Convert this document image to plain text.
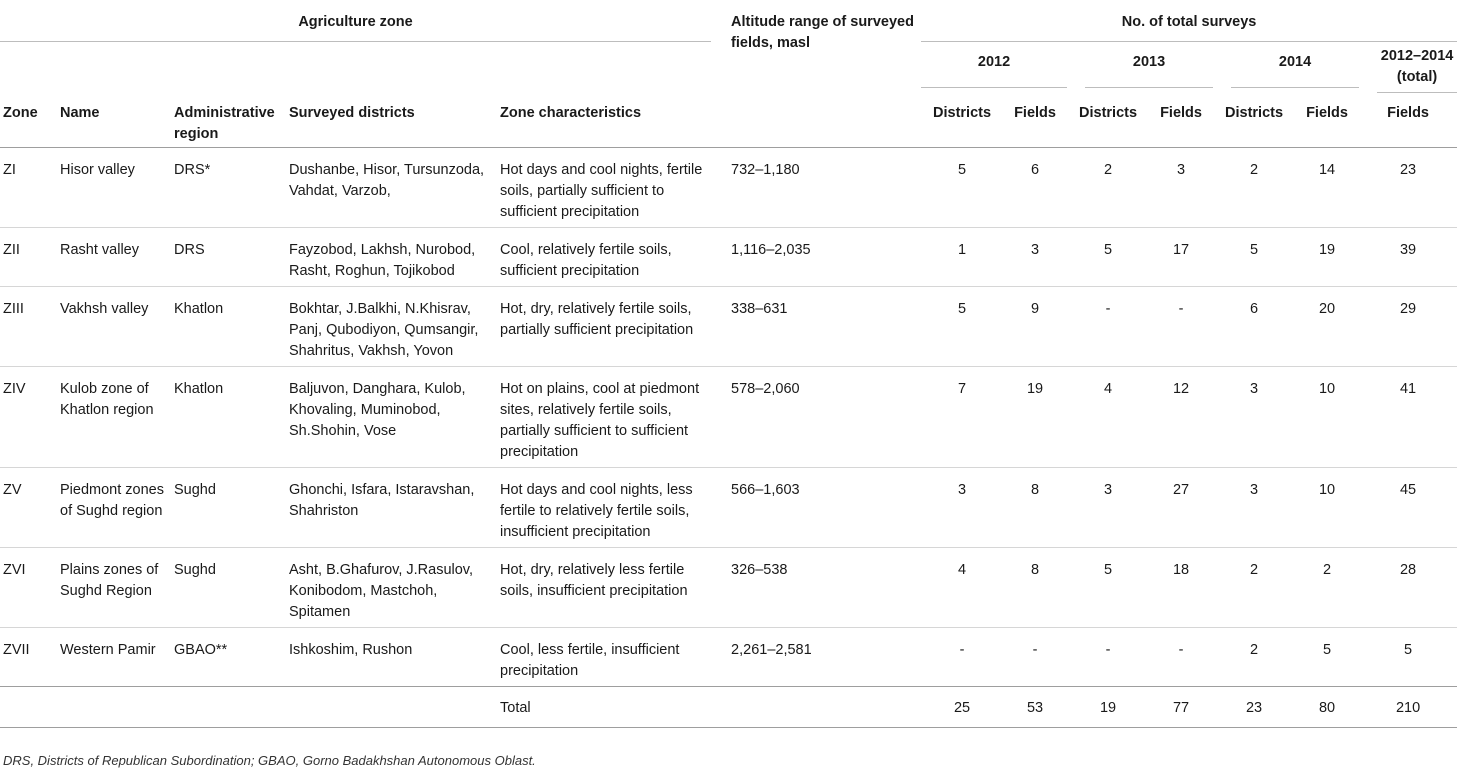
Agriculture zone					Altitude range of surveyed fields, masl	No. of total surveys						

						2012		2013		2014		2012–2014 (total)

Zone	Name	Administrative region	Surveyed districts	Zone characteristics		Districts	Fields	Districts	Fields	Districts	Fields	Fields
ZI	Hisor valley	DRS*	Dushanbe, Hisor, Tursunzoda, Vahdat, Varzob,	Hot days and cool nights, fertile soils, partially sufficient to sufficient precipitation	732–1,180	5	6	2	3	2	14	23
ZII	Rasht valley	DRS	Fayzobod, Lakhsh, Nurobod, Rasht, Roghun, Tojikobod	Cool, relatively fertile soils, sufficient precipitation	1,116–2,035	1	3	5	17	5	19	39
ZIII	Vakhsh valley	Khatlon	Bokhtar, J.Balkhi, N.Khisrav, Panj, Qubodiyon, Qumsangir, Shahritus, Vakhsh, Yovon	Hot, dry, relatively fertile soils, partially sufficient precipitation	338–631	5	9	-	-	6	20	29
ZIV	Kulob zone of Khatlon region	Khatlon	Baljuvon, Danghara, Kulob, Khovaling, Muminobod, Sh.Shohin, Vose	Hot on plains, cool at piedmont sites, relatively fertile soils, partially sufficient to sufficient precipitation	578–2,060	7	19	4	12	3	10	41
ZV	Piedmont zones of Sughd region	Sughd	Ghonchi, Isfara, Istaravshan, Shahriston	Hot days and cool nights, less fertile to relatively fertile soils, insufficient precipitation	566–1,603	3	8	3	27	3	10	45
ZVI	Plains zones of Sughd Region	Sughd	Asht, B.Ghafurov, J.Rasulov, Konibodom, Mastchoh, Spitamen	Hot, dry, relatively less fertile soils, insufficient precipitation	326–538	4	8	5	18	2	2	28
ZVII	Western Pamir	GBAO**	Ishkoshim, Rushon	Cool, less fertile, insufficient precipitation	2,261–2,581	-	-	-	-	2	5	5
				Total		25	53	19	77	23	80	210
DRS, Districts of Republican Subordination; GBAO, Gorno Badakhshan Autonomous Oblast.
